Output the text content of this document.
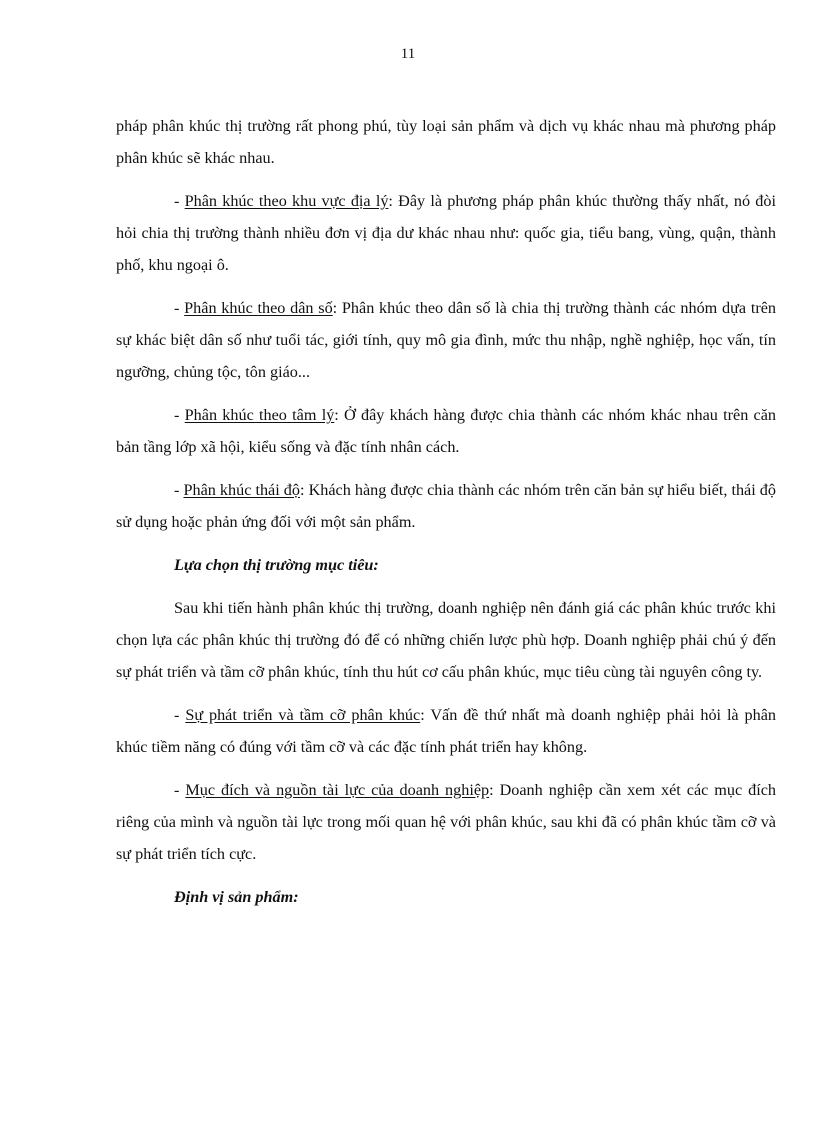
11

pháp phân khúc thị trường rất phong phú, tùy loại sản phẩm và dịch vụ khác nhau mà phương pháp phân khúc sẽ khác nhau.

- Phân khúc theo khu vực địa lý: Đây là phương pháp phân khúc thường thấy nhất, nó đòi hỏi chia thị trường thành nhiều đơn vị địa dư khác nhau như: quốc gia, tiểu bang, vùng, quận, thành phố, khu ngoại ô.

- Phân khúc theo dân số: Phân khúc theo dân số là chia thị trường thành các nhóm dựa trên sự khác biệt dân số như tuổi tác, giới tính, quy mô gia đình, mức thu nhập, nghề nghiệp, học vấn, tín ngưỡng, chủng tộc, tôn giáo...

- Phân khúc theo tâm lý: Ở đây khách hàng được chia thành các nhóm khác nhau trên căn bản tầng lớp xã hội, kiểu sống và đặc tính nhân cách.

- Phân khúc thái độ: Khách hàng được chia thành các nhóm trên căn bản sự hiểu biết, thái độ sử dụng hoặc phản ứng đối với một sản phẩm.

Lựa chọn thị trường mục tiêu:

Sau khi tiến hành phân khúc thị trường, doanh nghiệp nên đánh giá các phân khúc trước khi chọn lựa các phân khúc thị trường đó để có những chiến lược phù hợp. Doanh nghiệp phải chú ý đến sự phát triển và tầm cỡ phân khúc, tính thu hút cơ cấu phân khúc, mục tiêu cùng tài nguyên công ty.

- Sự phát triển và tầm cỡ phân khúc: Vấn đề thứ nhất mà doanh nghiệp phải hỏi là phân khúc tiềm năng có đúng với tầm cỡ và các đặc tính phát triển hay không.

- Mục đích và nguồn tài lực của doanh nghiệp: Doanh nghiệp cần xem xét các mục đích riêng của mình và nguồn tài lực trong mối quan hệ với phân khúc, sau khi đã có phân khúc tầm cỡ và sự phát triển tích cực.

Định vị sản phẩm:
